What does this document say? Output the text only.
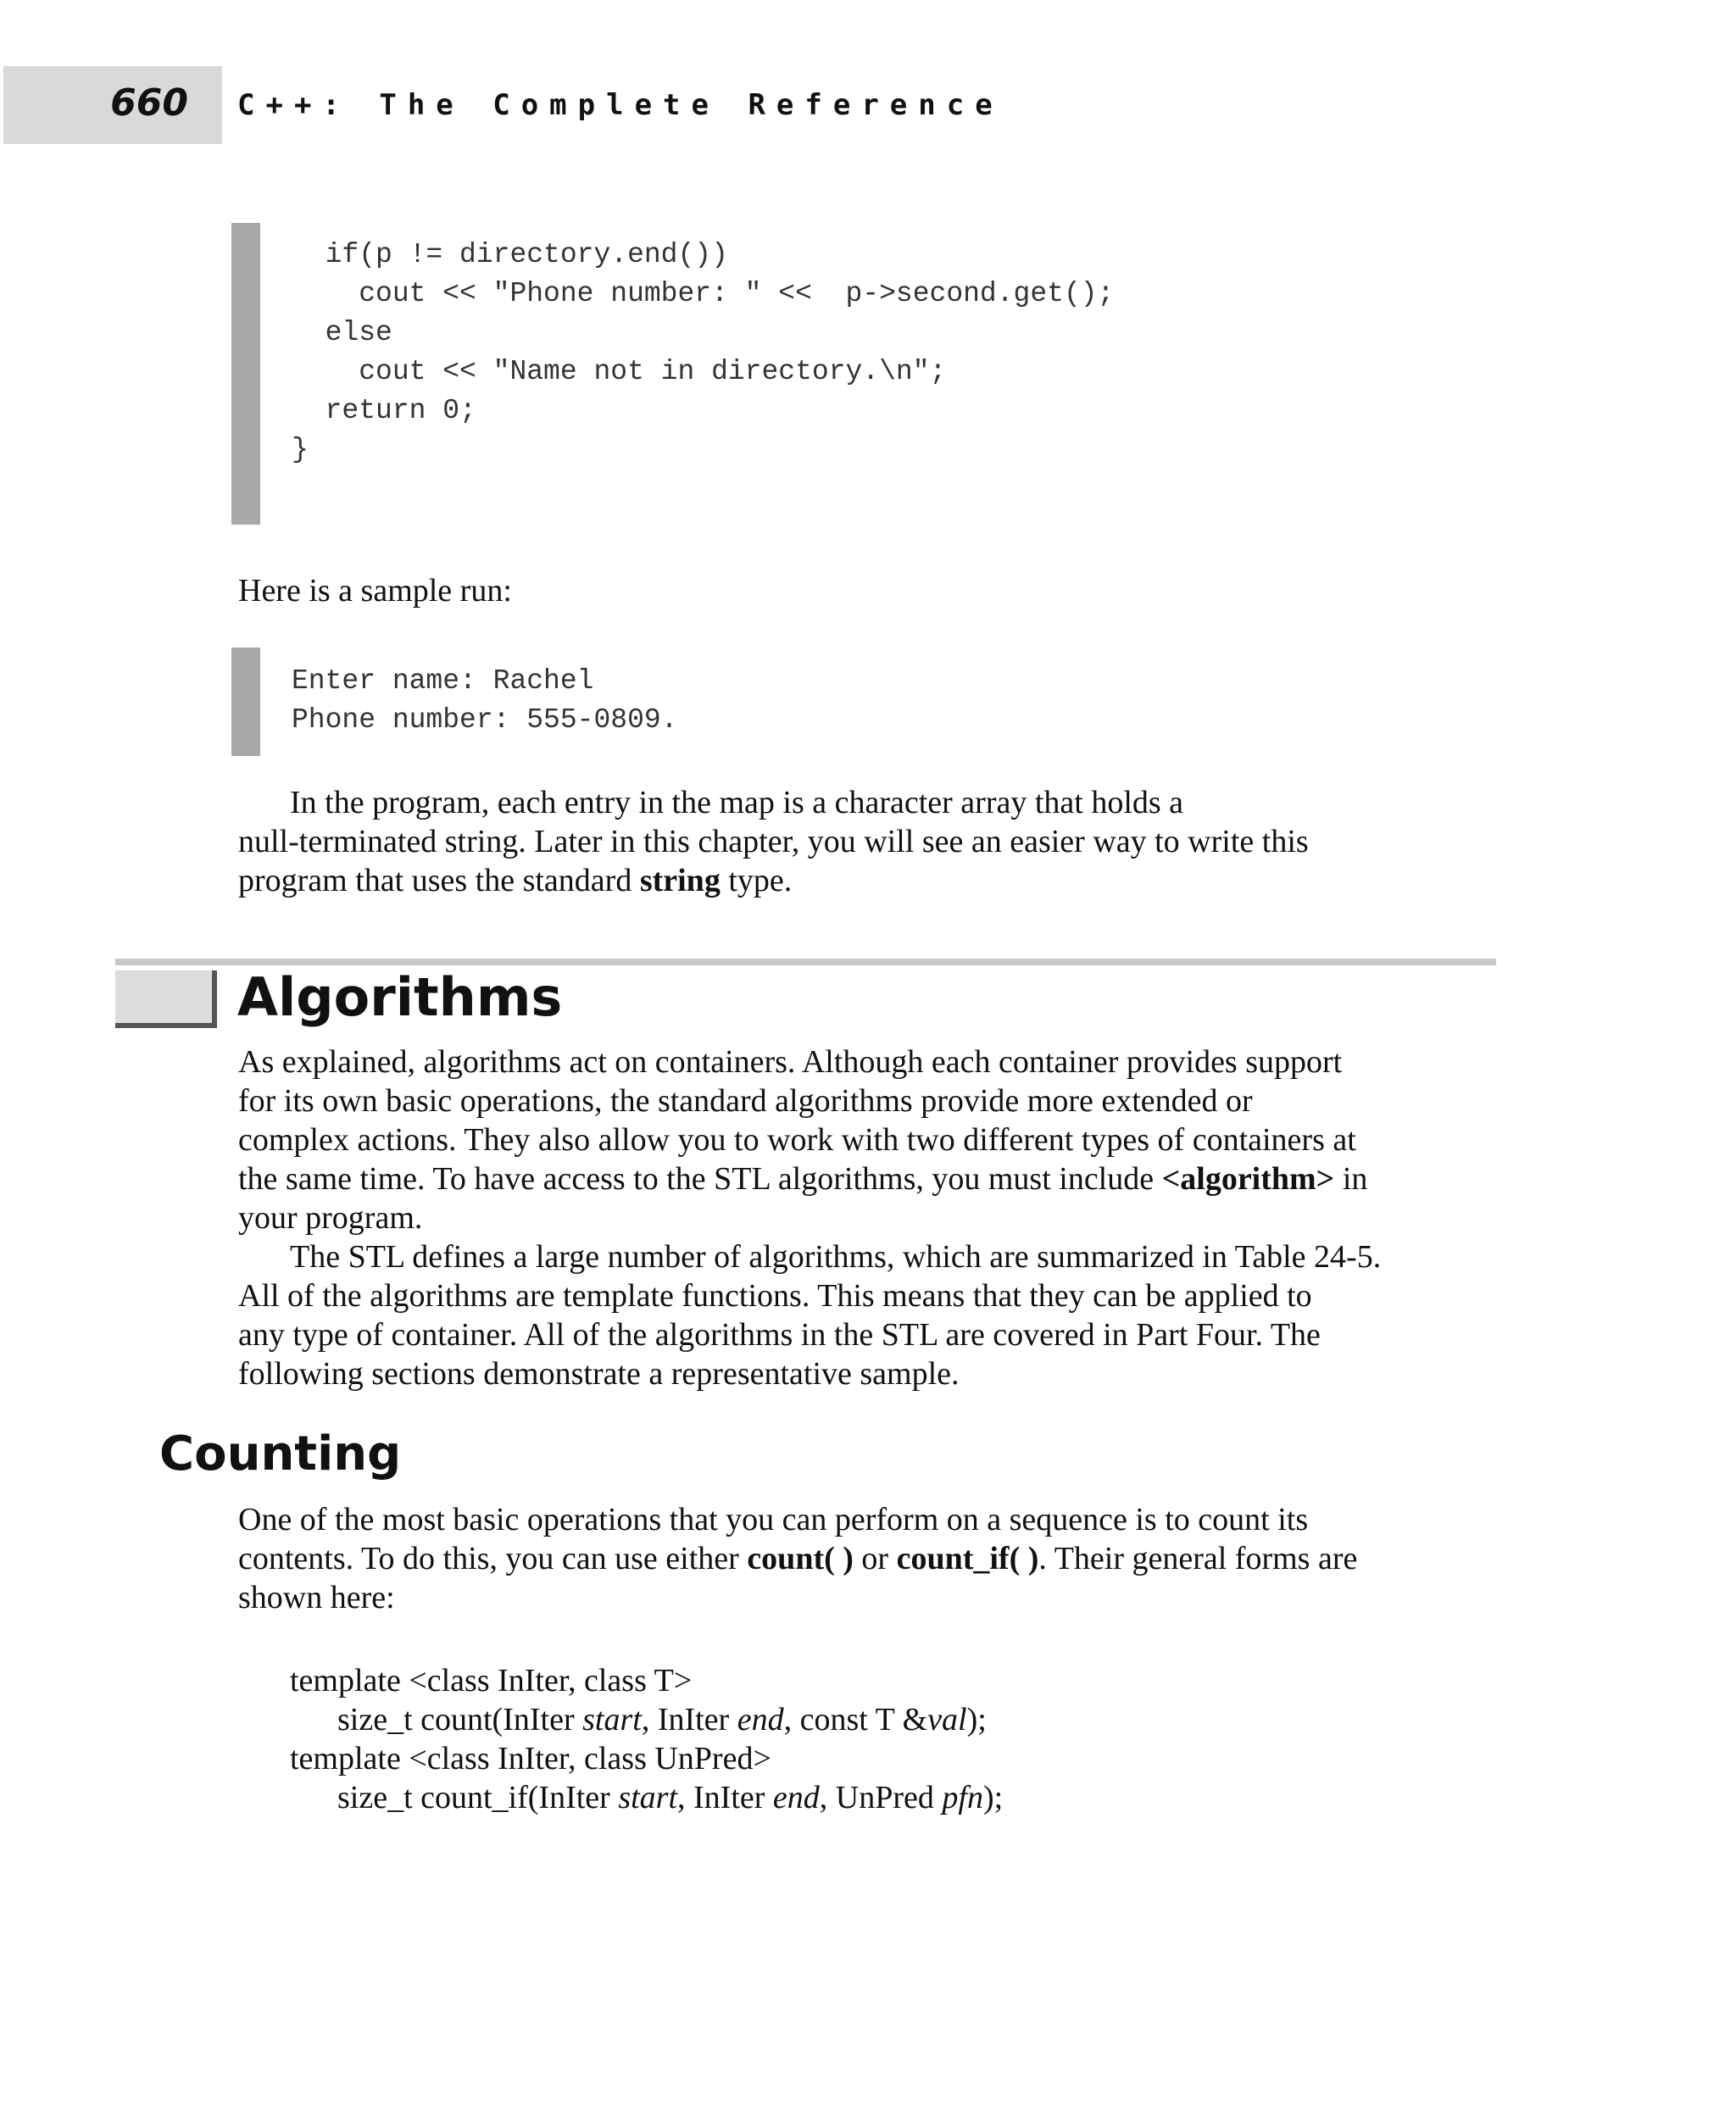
660 C++: The Complete Reference
if(p != directory.end())
cout << "Phone number: " <<  p->second.get();
else
cout << "Name not in directory.\n";
return 0;
}
Here is a sample run:
Enter name: Rachel
Phone number: 555-0809.
In the program, each entry in the map is a character array that holds a
null-terminated string. Later in this chapter, you will see an easier way to write this
program that uses the standard string type.
Algorithms
As explained, algorithms act on containers. Although each container provides support
for its own basic operations, the standard algorithms provide more extended or
complex actions. They also allow you to work with two different types of containers at
the same time. To have access to the STL algorithms, you must include <algorithm> in
your program.
The STL defines a large number of algorithms, which are summarized in Table 24-5.
All of the algorithms are template functions. This means that they can be applied to
any type of container. All of the algorithms in the STL are covered in Part Four. The
following sections demonstrate a representative sample.
Counting
One of the most basic operations that you can perform on a sequence is to count its
contents. To do this, you can use either count( ) or count_if( ). Their general forms are
shown here:
template <class InIter, class T>
size_t count(InIter start, InIter end, const T &val);
template <class InIter, class UnPred>
size_t count_if(InIter start, InIter end, UnPred pfn);
